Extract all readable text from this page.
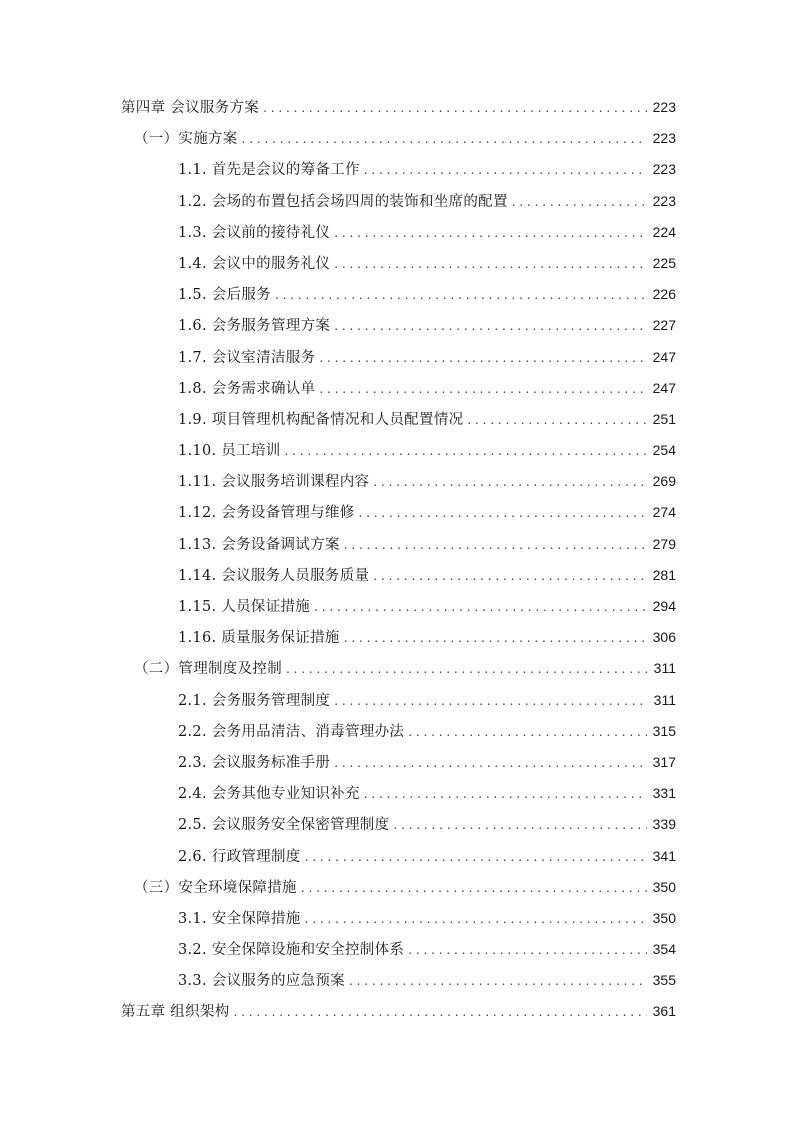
第四章 会议服务方案 . . .	223
（一）实施方案 . . .	223
1.1. 首先是会议的筹备工作 . . .	223
1.2. 会场的布置包括会场四周的装饰和坐席的配置 . . .	223
1.3. 会议前的接待礼仪 . . .	224
1.4. 会议中的服务礼仪 . . .	225
1.5. 会后服务 . . .	226
1.6. 会务服务管理方案 . . .	227
1.7. 会议室清洁服务 . . .	247
1.8. 会务需求确认单 . . .	247
1.9. 项目管理机构配备情况和人员配置情况 . . .	251
1.10. 员工培训 . . .	254
1.11. 会议服务培训课程内容 . . .	269
1.12. 会务设备管理与维修 . . .	274
1.13. 会务设备调试方案 . . .	279
1.14. 会议服务人员服务质量 . . .	281
1.15. 人员保证措施 . . .	294
1.16. 质量服务保证措施 . . .	306
（二）管理制度及控制 . . .	311
2.1. 会务服务管理制度 . . .	311
2.2. 会务用品清洁、消毒管理办法 . . .	315
2.3. 会议服务标准手册 . . .	317
2.4. 会务其他专业知识补充 . . .	331
2.5. 会议服务安全保密管理制度 . . .	339
2.6. 行政管理制度 . . .	341
（三）安全环境保障措施 . . .	350
3.1. 安全保障措施 . . .	350
3.2. 安全保障设施和安全控制体系 . . .	354
3.3. 会议服务的应急预案 . . .	355
第五章 组织架构 . . .	361
